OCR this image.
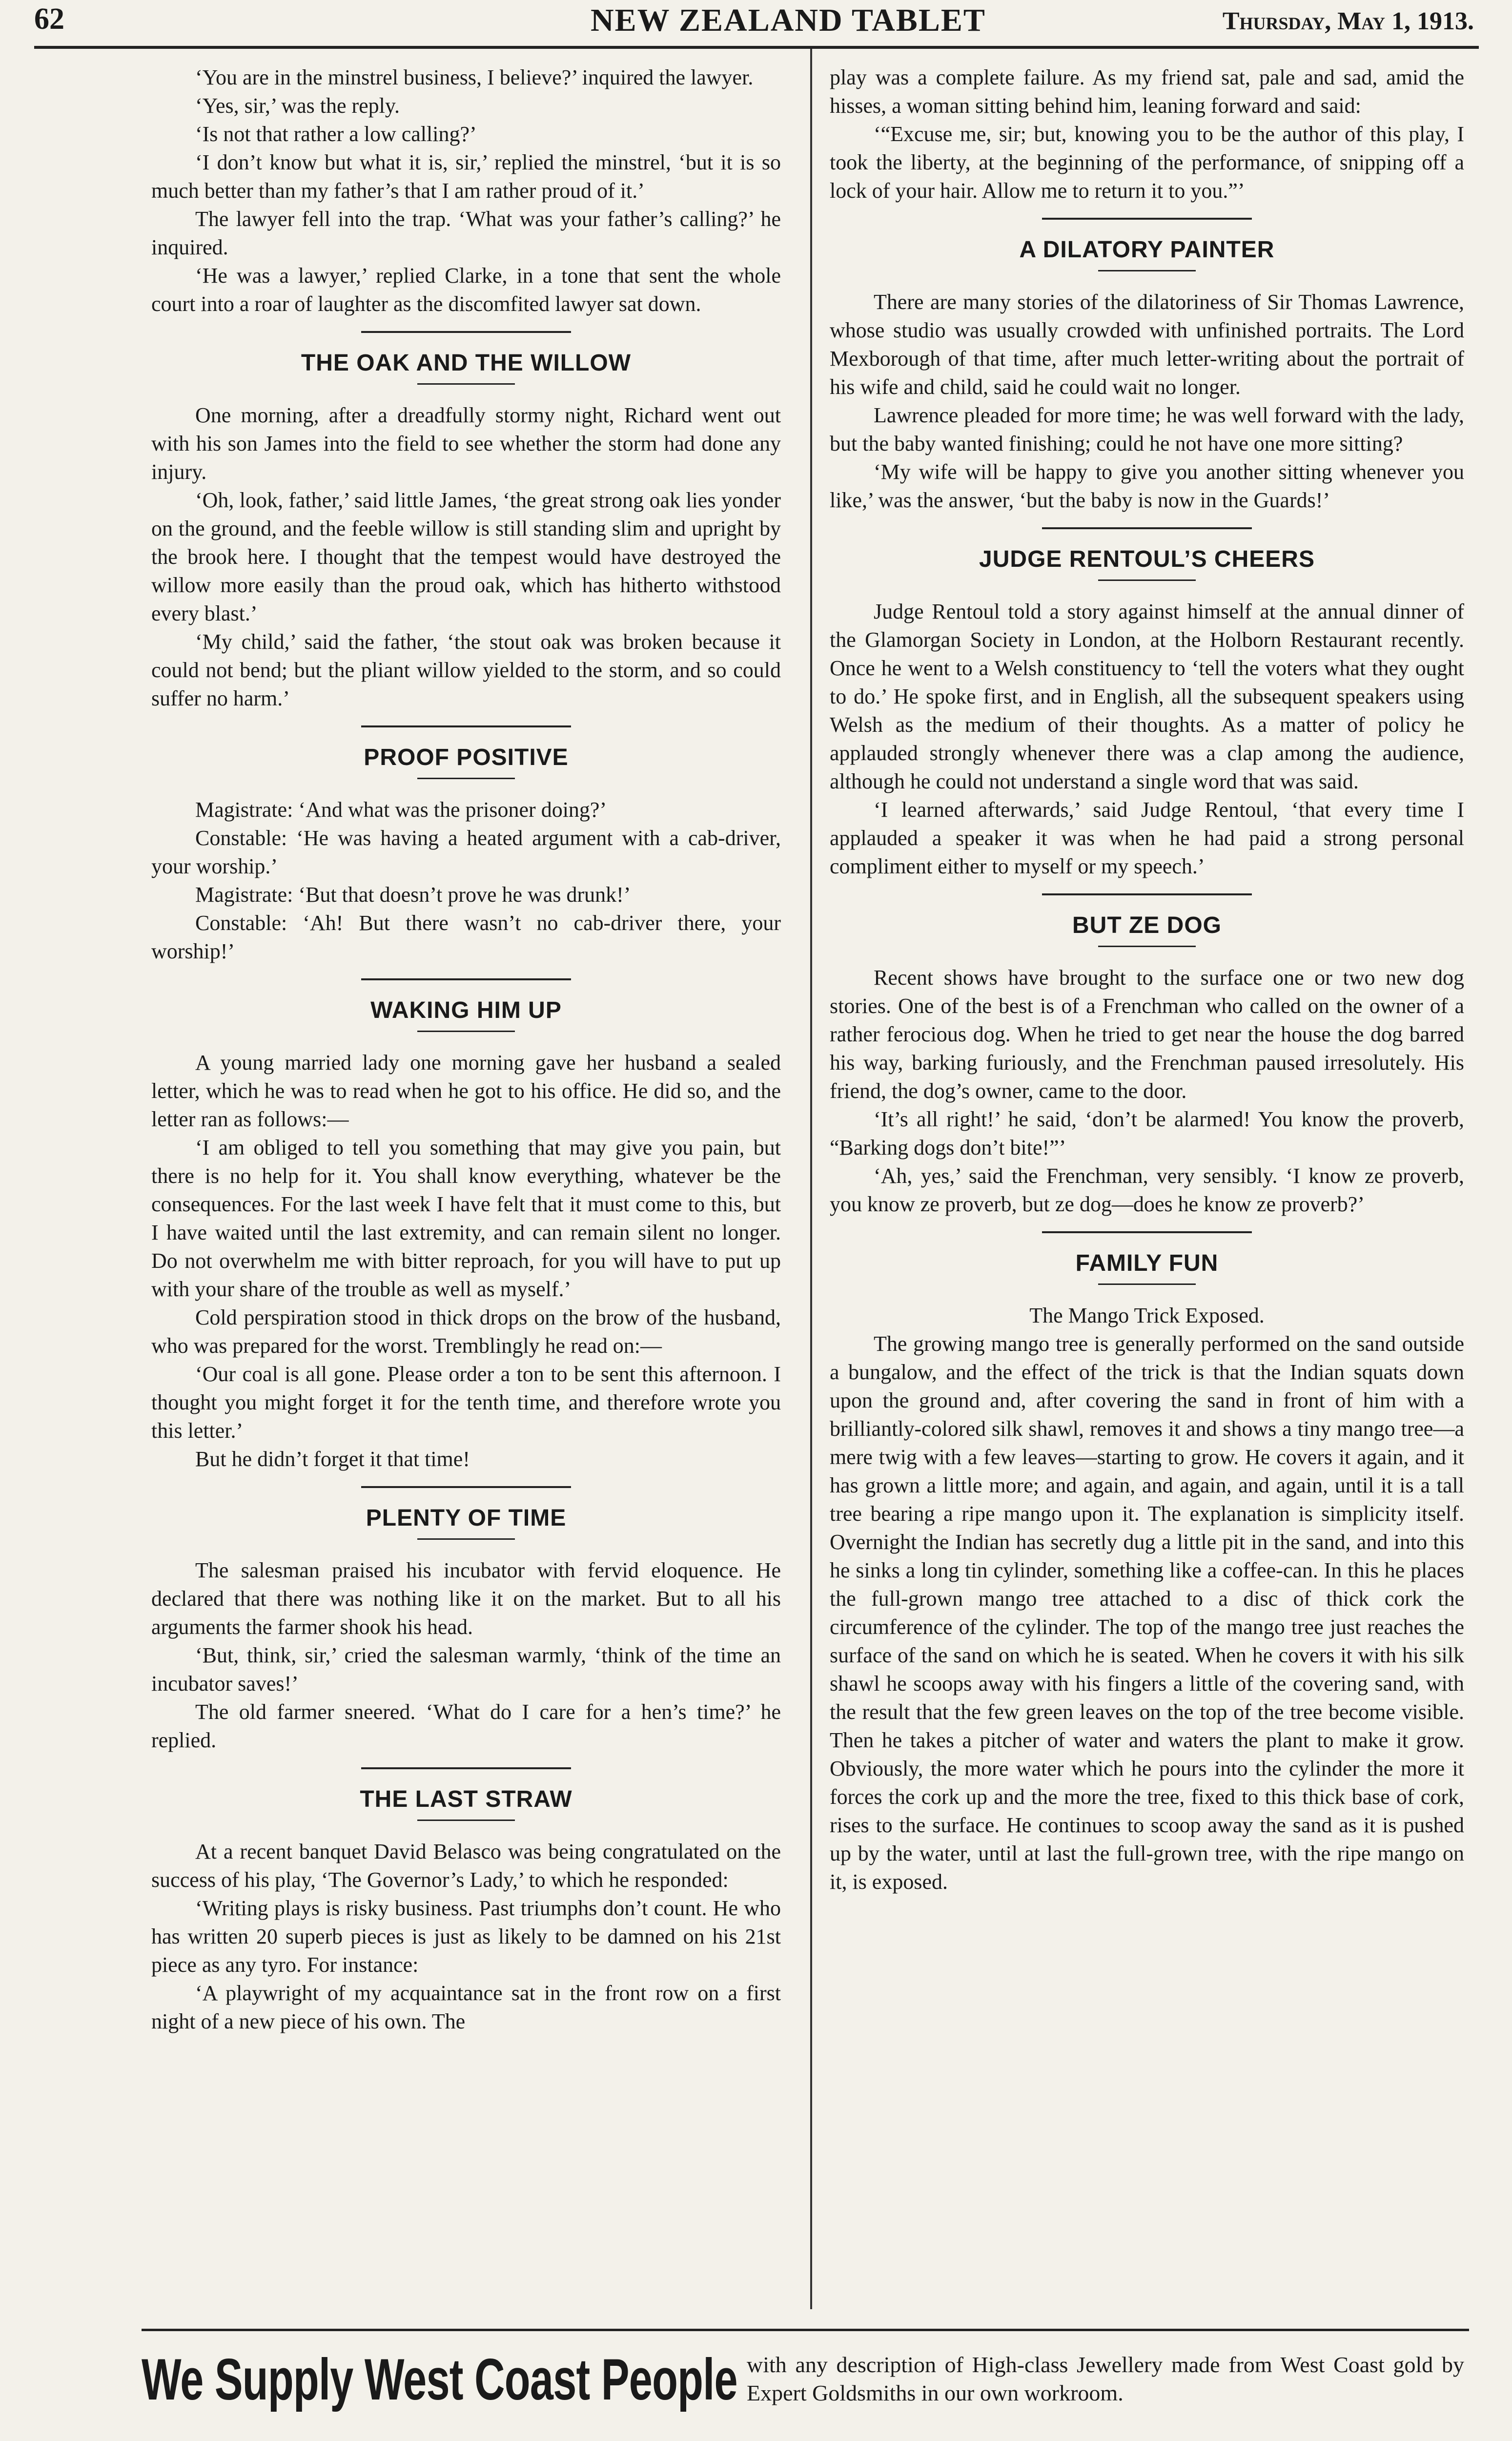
62	NEW ZEALAND TABLET	Thursday, May 1, 1913.

‘You are in the minstrel business, I believe?’ inquired the lawyer.

‘Yes, sir,’ was the reply.

‘Is not that rather a low calling?’

‘I don’t know but what it is, sir,’ replied the minstrel, ‘but it is so much better than my father’s that I am rather proud of it.’

The lawyer fell into the trap. ‘What was your father’s calling?’ he inquired.

‘He was a lawyer,’ replied Clarke, in a tone that sent the whole court into a roar of laughter as the discomfited lawyer sat down.

THE OAK AND THE WILLOW

One morning, after a dreadfully stormy night, Richard went out with his son James into the field to see whether the storm had done any injury.

‘Oh, look, father,’ said little James, ‘the great strong oak lies yonder on the ground, and the feeble willow is still standing slim and upright by the brook here. I thought that the tempest would have destroyed the willow more easily than the proud oak, which has hitherto withstood every blast.’

‘My child,’ said the father, ‘the stout oak was broken because it could not bend; but the pliant willow yielded to the storm, and so could suffer no harm.’

PROOF POSITIVE

Magistrate: ‘And what was the prisoner doing?’

Constable: ‘He was having a heated argument with a cab-driver, your worship.’

Magistrate: ‘But that doesn’t prove he was drunk!’

Constable: ‘Ah! But there wasn’t no cab-driver there, your worship!’

WAKING HIM UP

A young married lady one morning gave her husband a sealed letter, which he was to read when he got to his office. He did so, and the letter ran as follows:—

‘I am obliged to tell you something that may give you pain, but there is no help for it. You shall know everything, whatever be the consequences. For the last week I have felt that it must come to this, but I have waited until the last extremity, and can remain silent no longer. Do not overwhelm me with bitter reproach, for you will have to put up with your share of the trouble as well as myself.’

Cold perspiration stood in thick drops on the brow of the husband, who was prepared for the worst. Tremblingly he read on:—

‘Our coal is all gone. Please order a ton to be sent this afternoon. I thought you might forget it for the tenth time, and therefore wrote you this letter.’

But he didn’t forget it that time!

PLENTY OF TIME

The salesman praised his incubator with fervid eloquence. He declared that there was nothing like it on the market. But to all his arguments the farmer shook his head.

‘But, think, sir,’ cried the salesman warmly, ‘think of the time an incubator saves!’

The old farmer sneered. ‘What do I care for a hen’s time?’ he replied.

THE LAST STRAW

At a recent banquet David Belasco was being congratulated on the success of his play, ‘The Governor’s Lady,’ to which he responded:

‘Writing plays is risky business. Past triumphs don’t count. He who has written 20 superb pieces is just as likely to be damned on his 21st piece as any tyro. For instance:

‘A playwright of my acquaintance sat in the front row on a first night of a new piece of his own. The

play was a complete failure. As my friend sat, pale and sad, amid the hisses, a woman sitting behind him, leaning forward and said:

‘“Excuse me, sir; but, knowing you to be the author of this play, I took the liberty, at the beginning of the performance, of snipping off a lock of your hair. Allow me to return it to you.”’

A DILATORY PAINTER

There are many stories of the dilatoriness of Sir Thomas Lawrence, whose studio was usually crowded with unfinished portraits. The Lord Mexborough of that time, after much letter-writing about the portrait of his wife and child, said he could wait no longer.

Lawrence pleaded for more time; he was well forward with the lady, but the baby wanted finishing; could he not have one more sitting?

‘My wife will be happy to give you another sitting whenever you like,’ was the answer, ‘but the baby is now in the Guards!’

JUDGE RENTOUL’S CHEERS

Judge Rentoul told a story against himself at the annual dinner of the Glamorgan Society in London, at the Holborn Restaurant recently. Once he went to a Welsh constituency to ‘tell the voters what they ought to do.’ He spoke first, and in English, all the subsequent speakers using Welsh as the medium of their thoughts. As a matter of policy he applauded strongly whenever there was a clap among the audience, although he could not understand a single word that was said.

‘I learned afterwards,’ said Judge Rentoul, ‘that every time I applauded a speaker it was when he had paid a strong personal compliment either to myself or my speech.’

BUT ZE DOG

Recent shows have brought to the surface one or two new dog stories. One of the best is of a Frenchman who called on the owner of a rather ferocious dog. When he tried to get near the house the dog barred his way, barking furiously, and the Frenchman paused irresolutely. His friend, the dog’s owner, came to the door.

‘It’s all right!’ he said, ‘don’t be alarmed! You know the proverb, “Barking dogs don’t bite!”’

‘Ah, yes,’ said the Frenchman, very sensibly. ‘I know ze proverb, you know ze proverb, but ze dog—does he know ze proverb?’

FAMILY FUN

The Mango Trick Exposed.

The growing mango tree is generally performed on the sand outside a bungalow, and the effect of the trick is that the Indian squats down upon the ground and, after covering the sand in front of him with a brilliantly-colored silk shawl, removes it and shows a tiny mango tree—a mere twig with a few leaves—starting to grow. He covers it again, and it has grown a little more; and again, and again, and again, until it is a tall tree bearing a ripe mango upon it. The explanation is simplicity itself. Overnight the Indian has secretly dug a little pit in the sand, and into this he sinks a long tin cylinder, something like a coffee-can. In this he places the full-grown mango tree attached to a disc of thick cork the circumference of the cylinder. The top of the mango tree just reaches the surface of the sand on which he is seated. When he covers it with his silk shawl he scoops away with his fingers a little of the covering sand, with the result that the few green leaves on the top of the tree become visible. Then he takes a pitcher of water and waters the plant to make it grow. Obviously, the more water which he pours into the cylinder the more it forces the cork up and the more the tree, fixed to this thick base of cork, rises to the surface. He continues to scoop away the sand as it is pushed up by the water, until at last the full-grown tree, with the ripe mango on it, is exposed.

We Supply West Coast People with any description of High-class Jewellery made from West Coast gold by Expert Goldsmiths in our own workroom.
